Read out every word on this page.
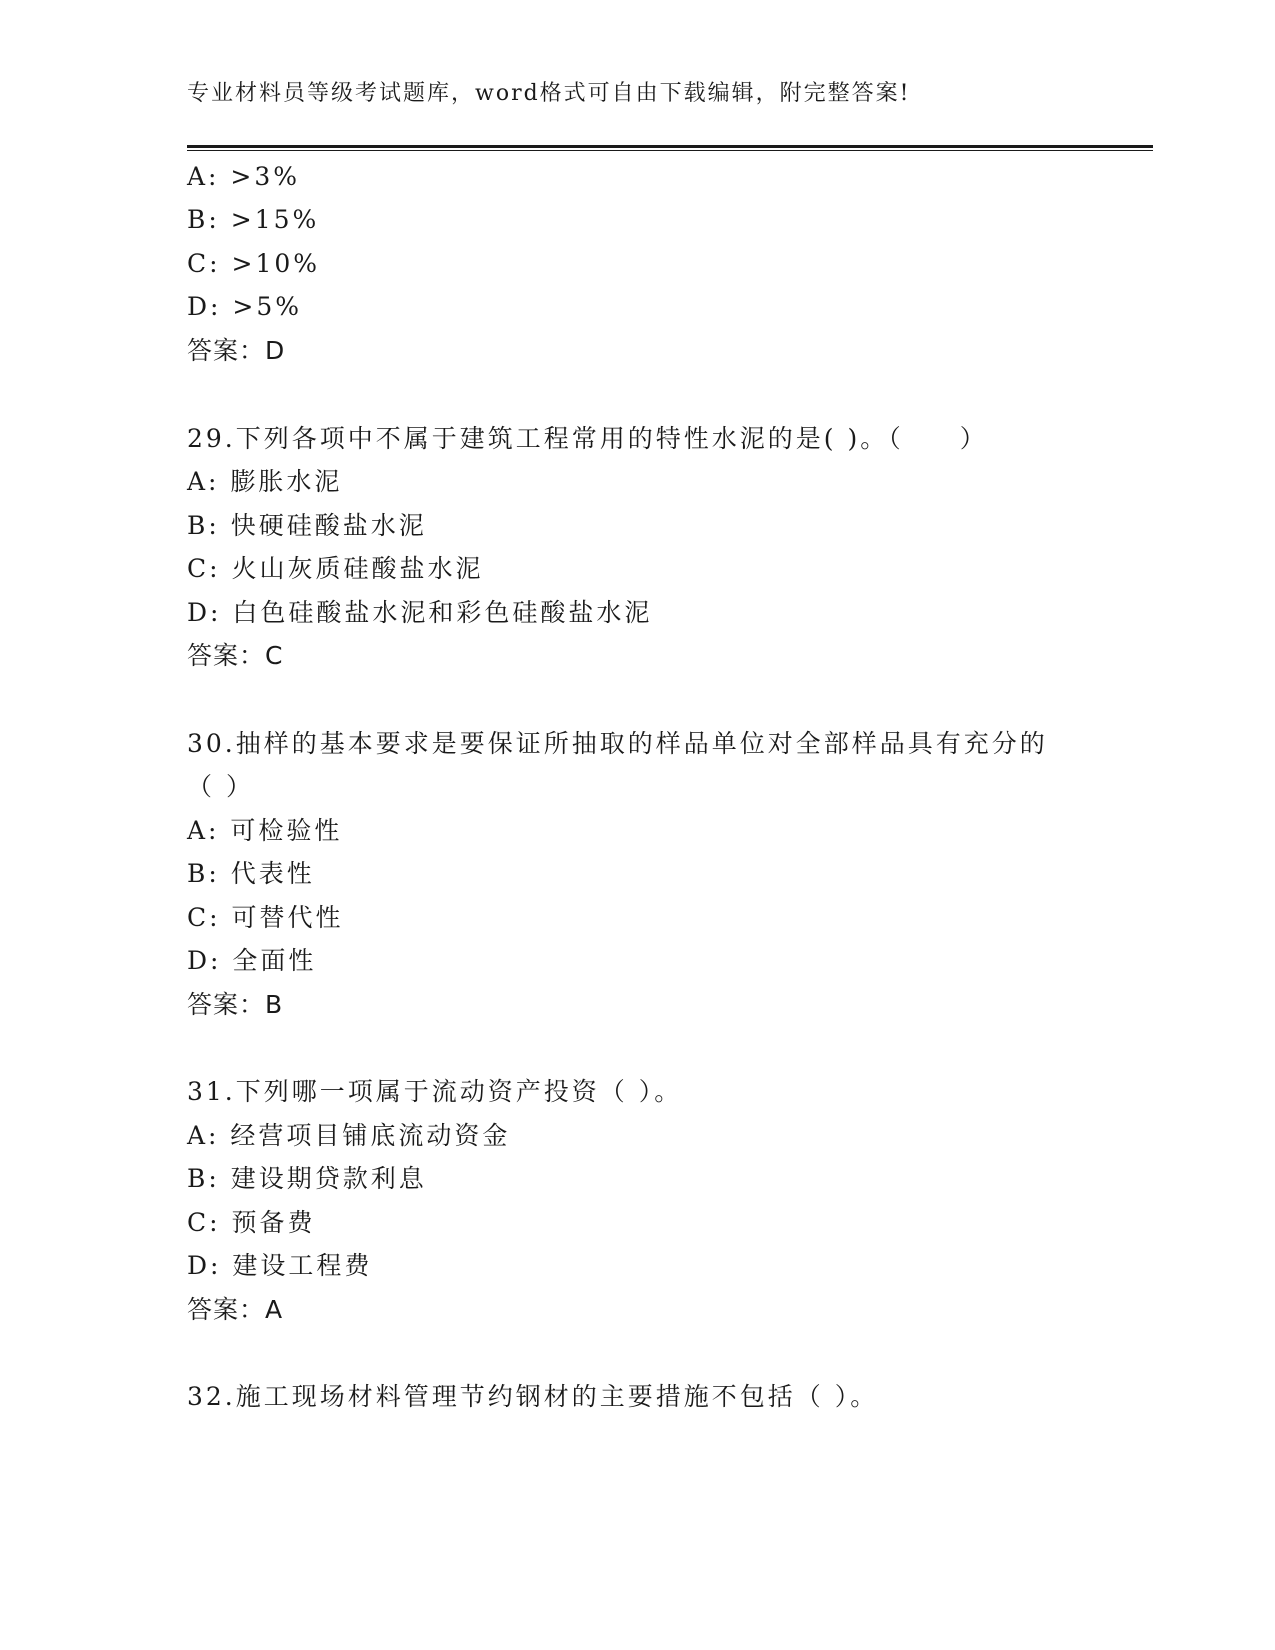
专业材料员等级考试题库，word格式可自由下载编辑，附完整答案!
A: >3%
B: >15%
C: >10%
D: >5%
答案：D
29.下列各项中不属于建筑工程常用的特性水泥的是( )。（　　）
A: 膨胀水泥
B: 快硬硅酸盐水泥
C: 火山灰质硅酸盐水泥
D: 白色硅酸盐水泥和彩色硅酸盐水泥
答案：C
30.抽样的基本要求是要保证所抽取的样品单位对全部样品具有充分的
（ ）
A: 可检验性
B: 代表性
C: 可替代性
D: 全面性
答案：B
31.下列哪一项属于流动资产投资（ ）。
A: 经营项目铺底流动资金
B: 建设期贷款利息
C: 预备费
D: 建设工程费
答案：A
32.施工现场材料管理节约钢材的主要措施不包括（ ）。
